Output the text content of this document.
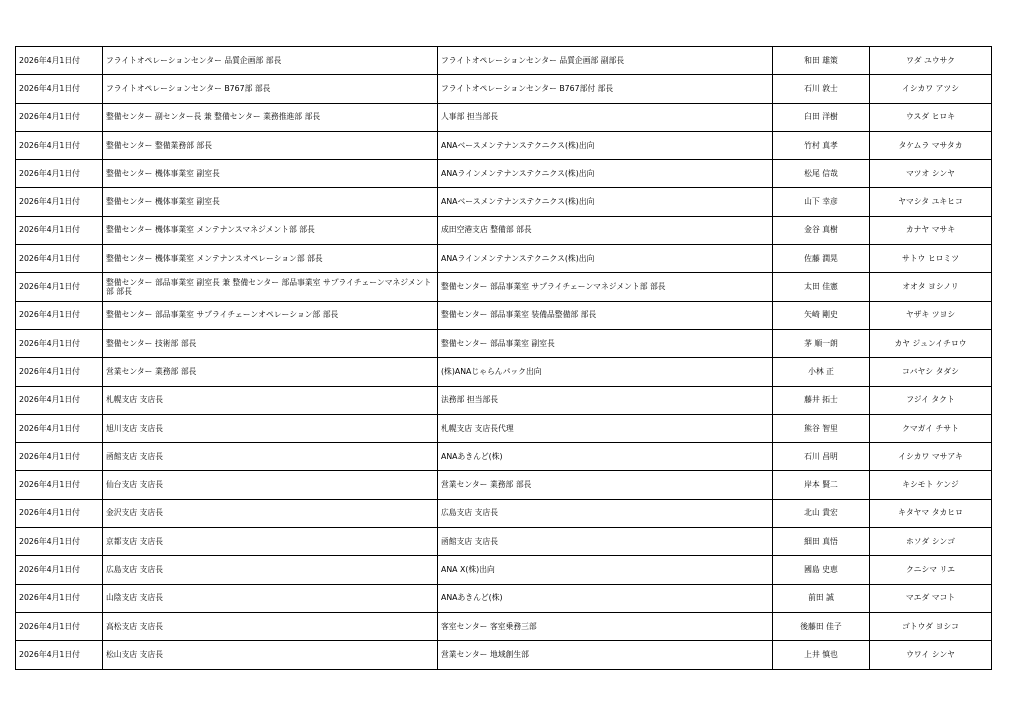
2026年4月1日付	フライトオペレーションセンター 品質企画部 部長	フライトオペレーションセンター 品質企画部 副部長	和田 雄策	ワダ ユウサク
2026年4月1日付	フライトオペレーションセンター B767部 部長	フライトオペレーションセンター B767部付 部長	石川 敦士	イシカワ アツシ
2026年4月1日付	整備センター 副センター長 兼 整備センター 業務推進部 部長	人事部 担当部長	臼田 洋樹	ウスダ ヒロキ
2026年4月1日付	整備センター 整備業務部 部長	ANAベースメンテナンステクニクス(株)出向	竹村 真孝	タケムラ マサタカ
2026年4月1日付	整備センター 機体事業室 副室長	ANAラインメンテナンステクニクス(株)出向	松尾 信哉	マツオ シンヤ
2026年4月1日付	整備センター 機体事業室 副室長	ANAベースメンテナンステクニクス(株)出向	山下 幸彦	ヤマシタ ユキヒコ
2026年4月1日付	整備センター 機体事業室 メンテナンスマネジメント部 部長	成田空港支店 整備部 部長	金谷 真樹	カナヤ マサキ
2026年4月1日付	整備センター 機体事業室 メンテナンスオペレーション部 部長	ANAラインメンテナンステクニクス(株)出向	佐藤 潤晃	サトウ ヒロミツ
2026年4月1日付	整備センター 部品事業室 副室長 兼 整備センター 部品事業室 サプライチェーンマネジメント部 部長	整備センター 部品事業室 サプライチェーンマネジメント部 部長	太田 佳憲	オオタ ヨシノリ
2026年4月1日付	整備センター 部品事業室 サプライチェーンオペレーション部 部長	整備センター 部品事業室 装備品整備部 部長	矢崎 剛史	ヤザキ ツヨシ
2026年4月1日付	整備センター 技術部 部長	整備センター 部品事業室 副室長	茅 順一朗	カヤ ジュンイチロウ
2026年4月1日付	営業センター 業務部 部長	(株)ANAじゃらんパック出向	小林 正	コバヤシ タダシ
2026年4月1日付	札幌支店 支店長	法務部 担当部長	藤井 拓士	フジイ タクト
2026年4月1日付	旭川支店 支店長	札幌支店 支店長代理	熊谷 智里	クマガイ チサト
2026年4月1日付	函館支店 支店長	ANAあきんど(株)	石川 昌明	イシカワ マサアキ
2026年4月1日付	仙台支店 支店長	営業センター 業務部 部長	岸本 賢二	キシモト ケンジ
2026年4月1日付	金沢支店 支店長	広島支店 支店長	北山 貴宏	キタヤマ タカヒロ
2026年4月1日付	京都支店 支店長	函館支店 支店長	細田 真悟	ホソダ シンゴ
2026年4月1日付	広島支店 支店長	ANA X(株)出向	國島 史恵	クニシマ リエ
2026年4月1日付	山陰支店 支店長	ANAあきんど(株)	前田 誠	マエダ マコト
2026年4月1日付	高松支店 支店長	客室センター 客室乗務三部	後藤田 佳子	ゴトウダ ヨシコ
2026年4月1日付	松山支店 支店長	営業センター 地域創生部	上井 慎也	ウワイ シンヤ
